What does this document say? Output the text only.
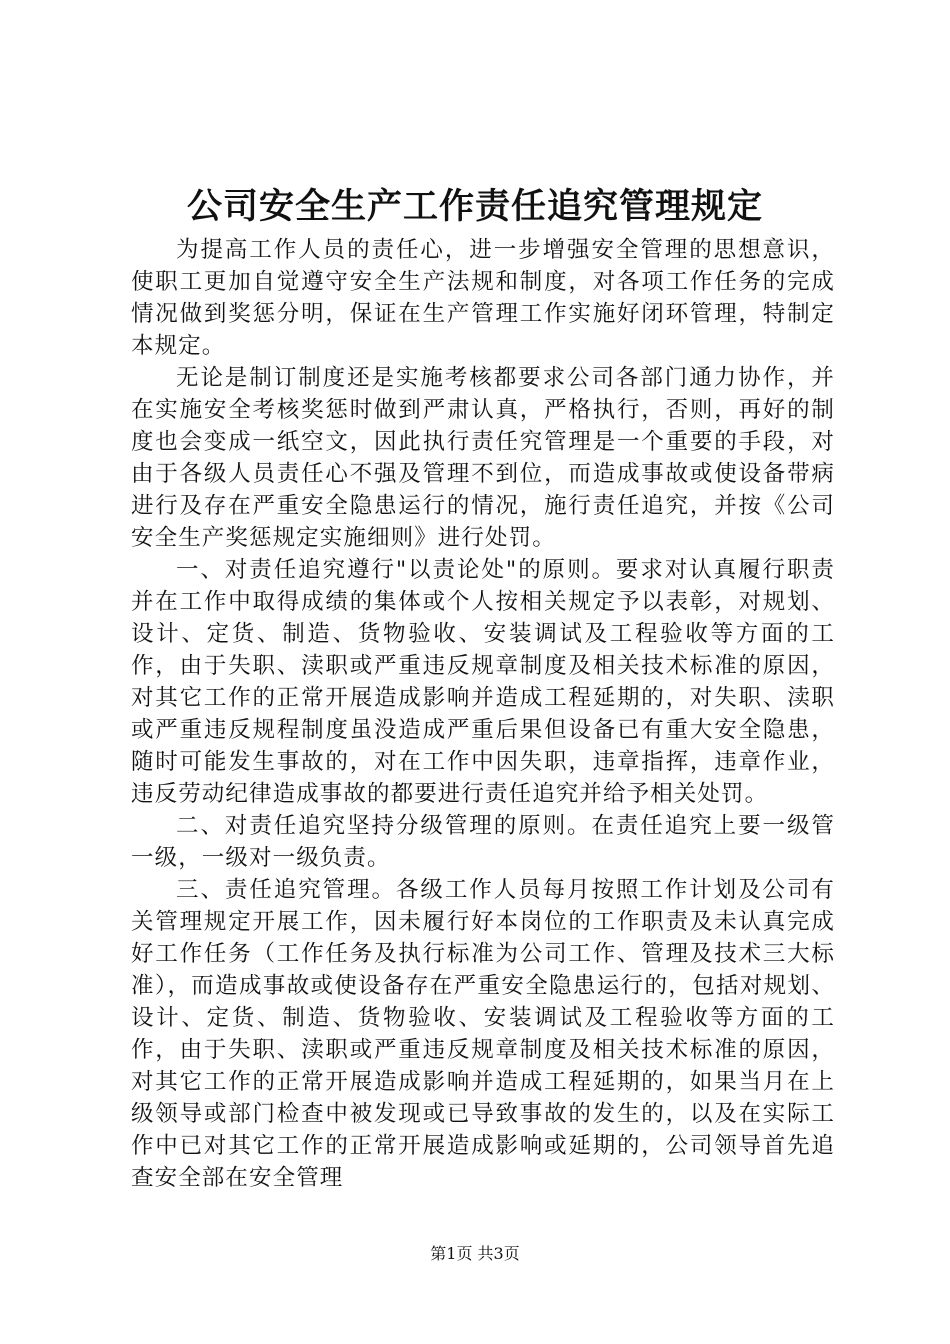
公司安全生产工作责任追究管理规定

为提高工作人员的责任心，进一步增强安全管理的思想意识，使职工更加自觉遵守安全生产法规和制度，对各项工作任务的完成情况做到奖惩分明，保证在生产管理工作实施好闭环管理，特制定本规定。

无论是制订制度还是实施考核都要求公司各部门通力协作，并在实施安全考核奖惩时做到严肃认真，严格执行，否则，再好的制度也会变成一纸空文，因此执行责任究管理是一个重要的手段，对由于各级人员责任心不强及管理不到位，而造成事故或使设备带病进行及存在严重安全隐患运行的情况，施行责任追究，并按《公司安全生产奖惩规定实施细则》进行处罚。

一、对责任追究遵行"以责论处"的原则。要求对认真履行职责并在工作中取得成绩的集体或个人按相关规定予以表彰，对规划、设计、定货、制造、货物验收、安装调试及工程验收等方面的工作，由于失职、渎职或严重违反规章制度及相关技术标准的原因，对其它工作的正常开展造成影响并造成工程延期的，对失职、渎职或严重违反规程制度虽没造成严重后果但设备已有重大安全隐患，随时可能发生事故的，对在工作中因失职，违章指挥，违章作业，违反劳动纪律造成事故的都要进行责任追究并给予相关处罚。

二、对责任追究坚持分级管理的原则。在责任追究上要一级管一级，一级对一级负责。

三、责任追究管理。各级工作人员每月按照工作计划及公司有关管理规定开展工作，因未履行好本岗位的工作职责及未认真完成好工作任务（工作任务及执行标准为公司工作、管理及技术三大标准），而造成事故或使设备存在严重安全隐患运行的，包括对规划、设计、定货、制造、货物验收、安装调试及工程验收等方面的工作，由于失职、渎职或严重违反规章制度及相关技术标准的原因，对其它工作的正常开展造成影响并造成工程延期的，如果当月在上级领导或部门检查中被发现或已导致事故的发生的，以及在实际工作中已对其它工作的正常开展造成影响或延期的，公司领导首先追查安全部在安全管理

第1页 共3页
